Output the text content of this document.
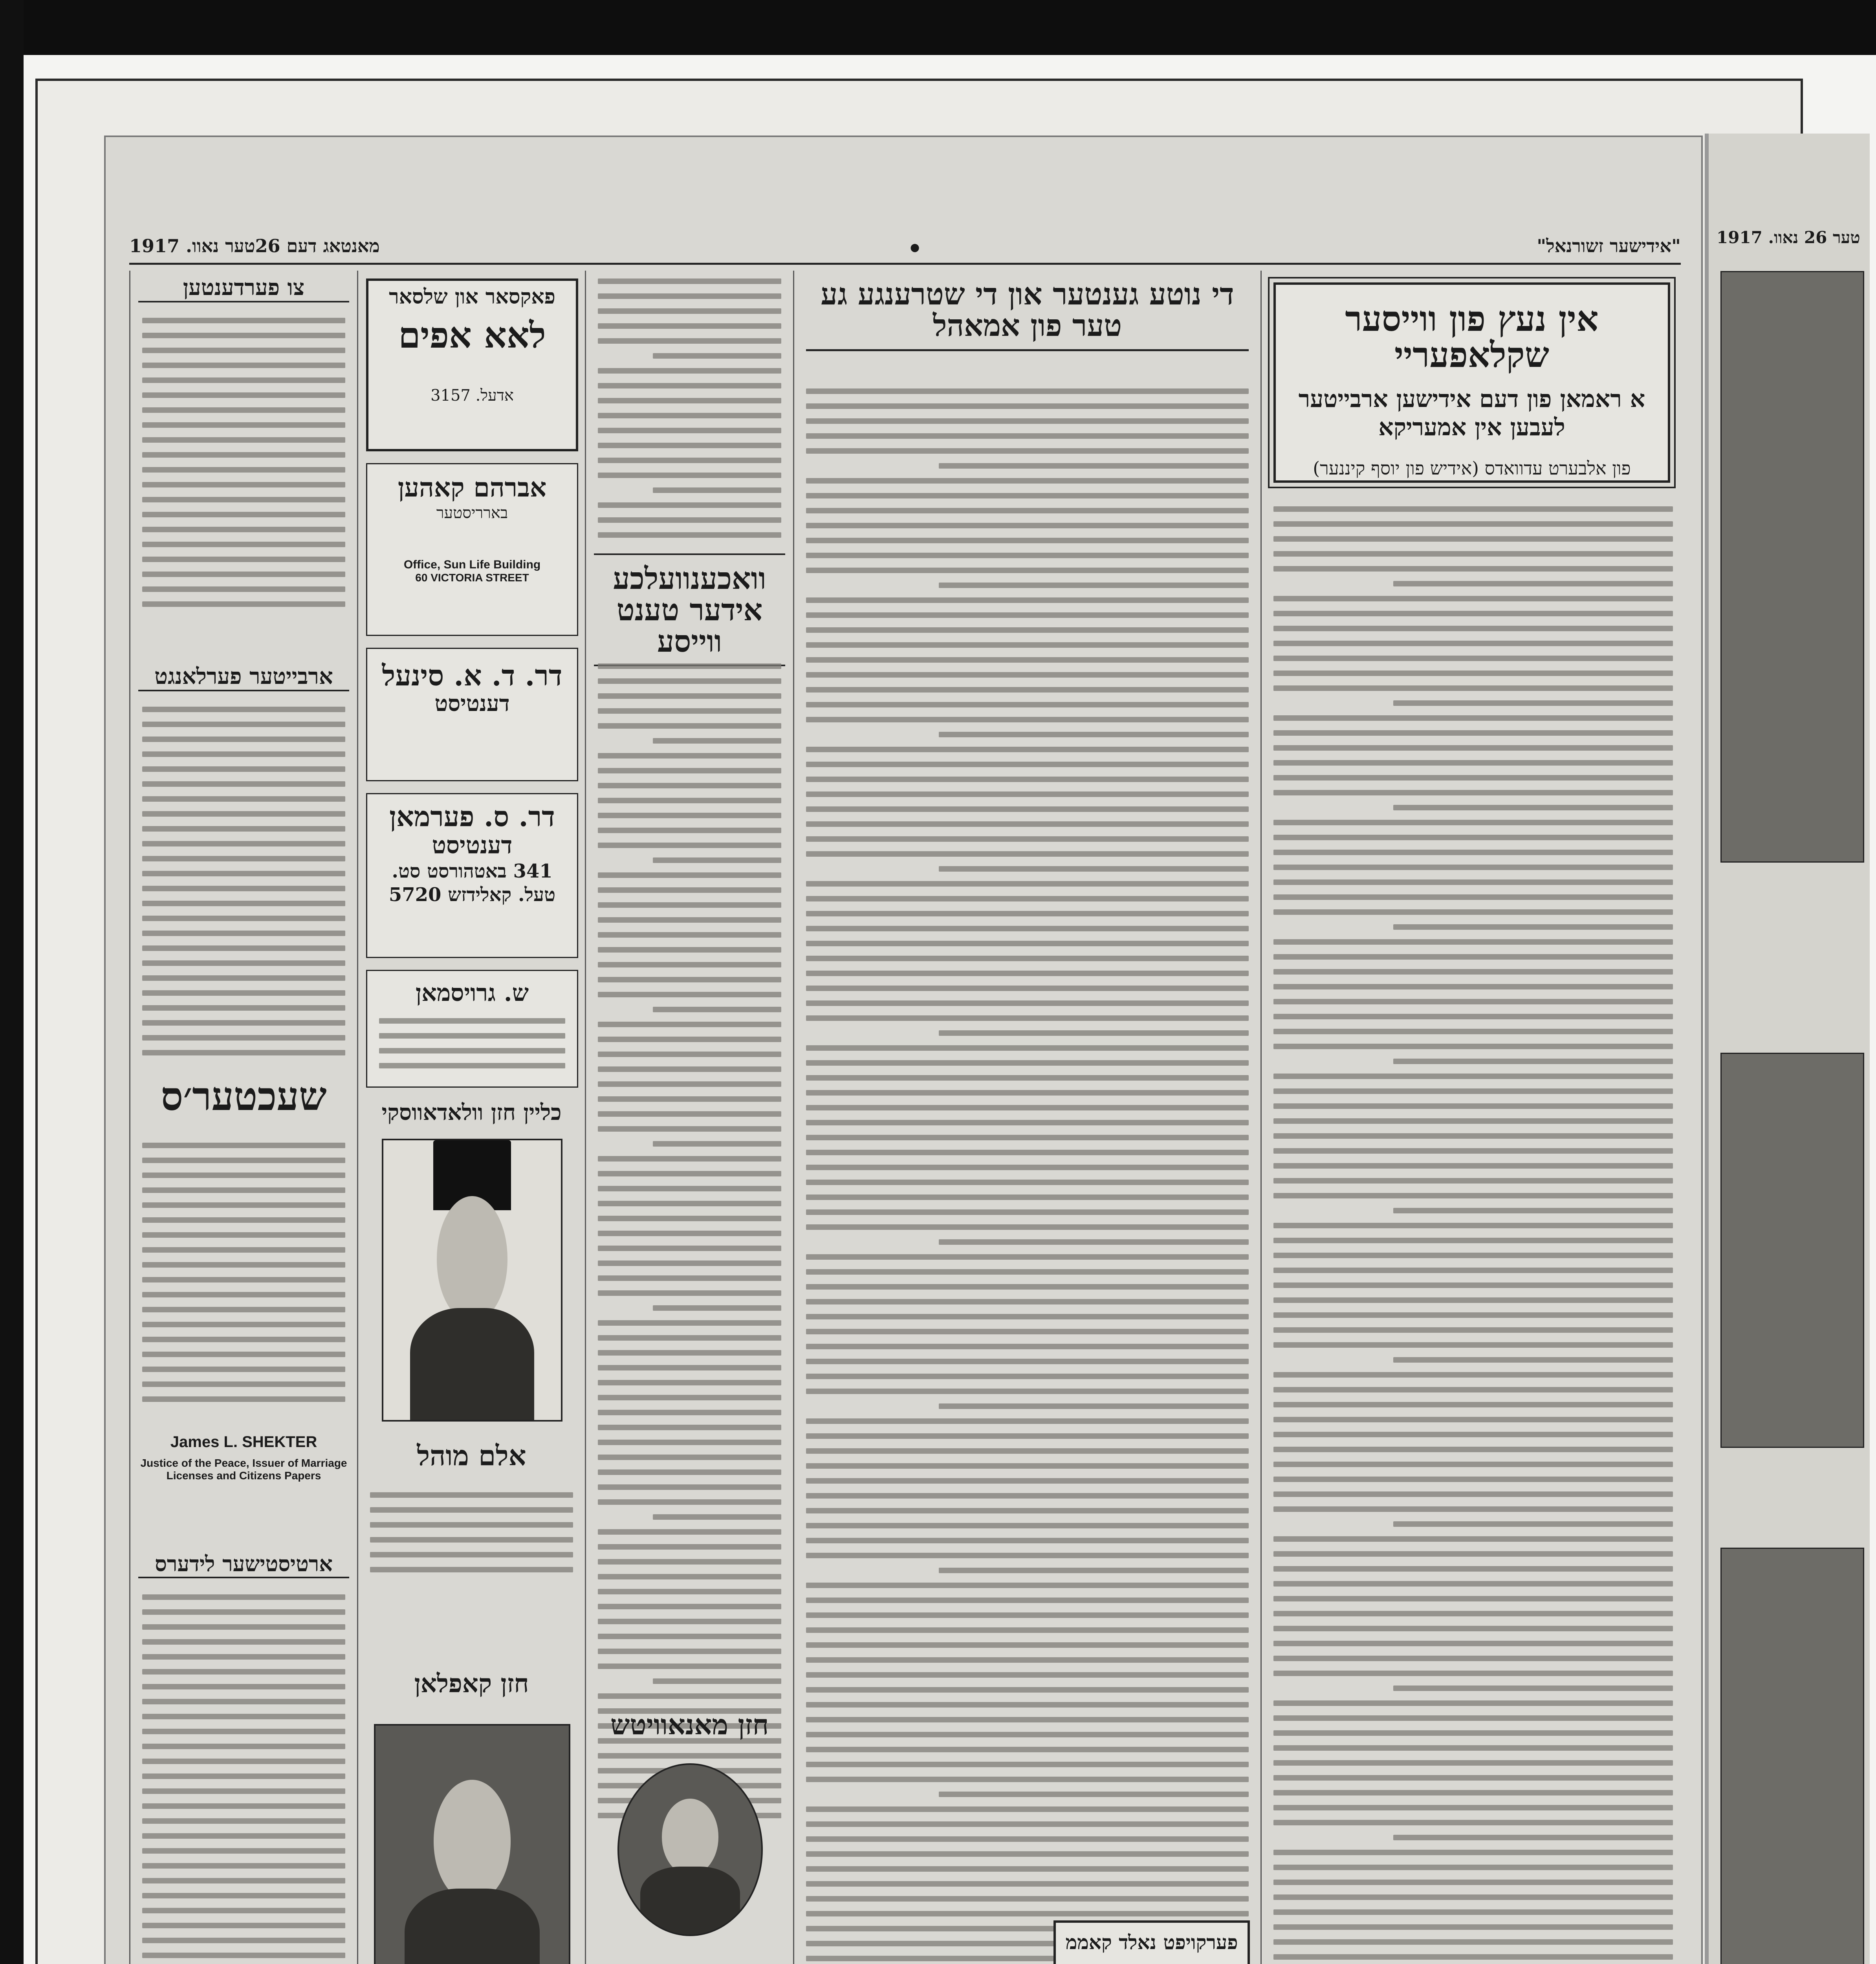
מאנטאג דעם 26טער נאוו. 1917	•	"אידישער זשורנאל"
אין נעץ פון ווייסער שקלאפעריי
א ראמאן פון דעם אידישען ארבייטער לעבען אין אמעריקא
פון אלבערט עדוואדס (אידיש פון יוסף קיננער)
די נוטע גענטער און די שטרענגע גע טער פון אמאהל
פערקויפט נאלד קאממ
וואכענוועלכע אידער טענט ווייסע
חזן מאנאוויטש
פאקסאר און שלסאר
לאא אפים
אדעל. 3157
אברהם קאהען
בארריסטער
Office, Sun Life Building
60 VICTORIA STREET
דר. ד. א. סינעל
דענטיסט
דר. ס. פערמאן
דענטיסט
341 באטהורסט סט.
טעל. קאלידזש 5720
ש. גרויסמאן
כליין חזן וולאדאווסקי
אלם מוהל
חזן קאפלאן
צו פערדענטען
ארבייטער פערלאנגט
שעכטער׳ס
James L. SHEKTER
Justice of the Peace, Issuer of Marriage Licenses and Citizens Papers
ארטיסטישער לידערס
טער 26 נאוו. 1917
